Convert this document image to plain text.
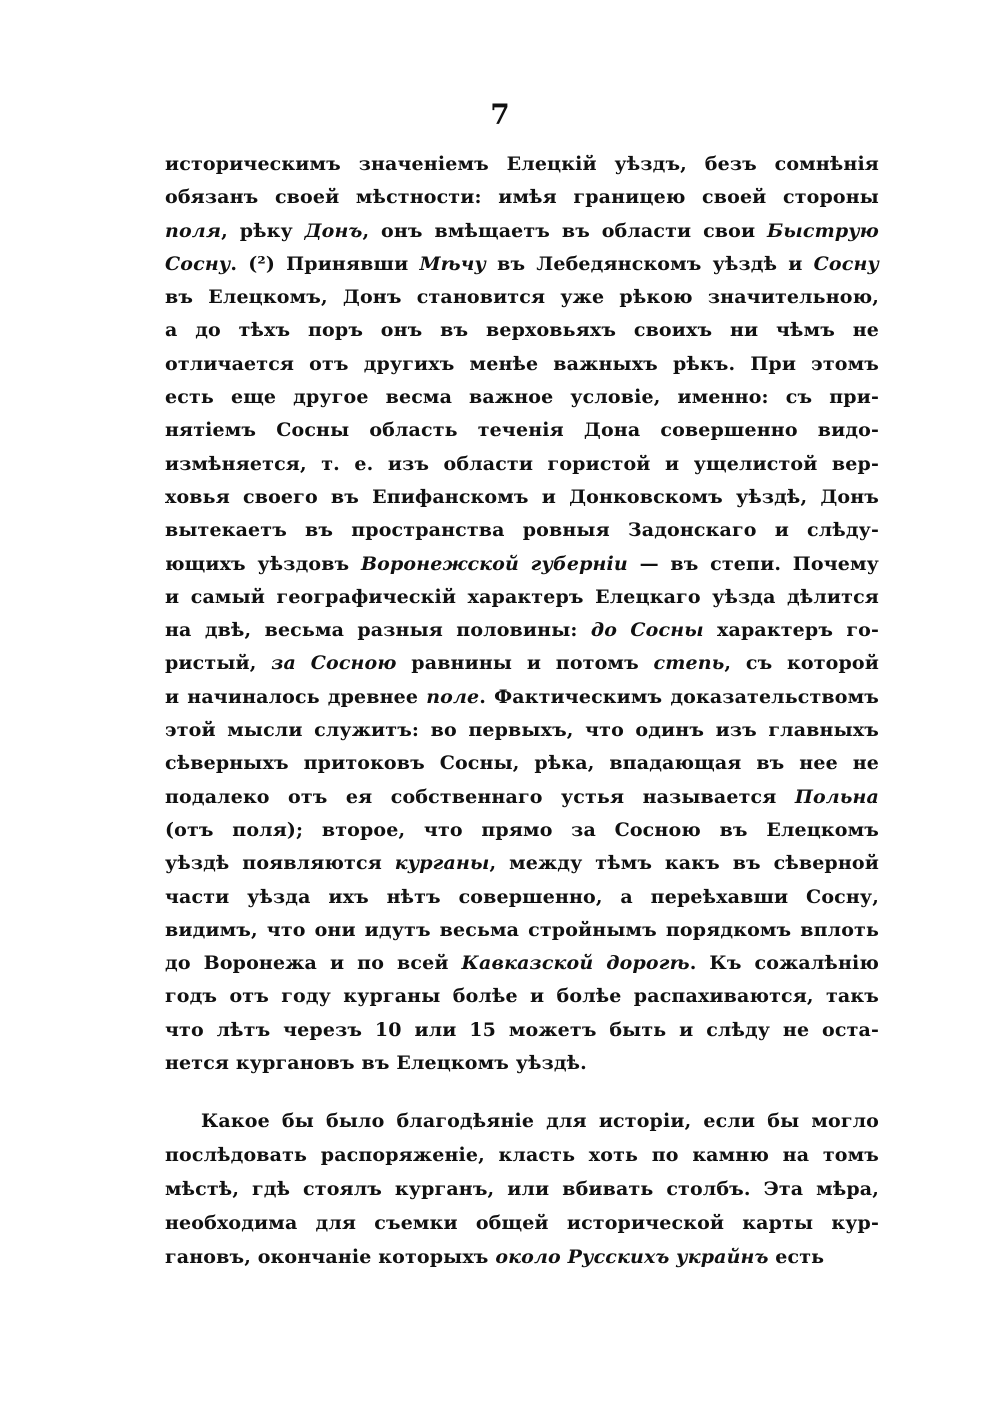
7
историческимъ значенiемъ Елецкiй уѣздъ, безъ сомнѣнiя
обязанъ своей мѣстности: имѣя границею своей стороны
поля, рѣку Донъ, онъ вмѣщаетъ въ области свои Быструю
Сосну. (²) Принявши Мѣчу въ Лебедянскомъ уѣздѣ и Сосну
въ Елецкомъ, Донъ становится уже рѣкою значительною,
а до тѣхъ поръ онъ въ верховьяхъ своихъ ни чѣмъ не
отличается отъ другихъ менѣе важныхъ рѣкъ. При этомъ
есть еще другое весма важное условiе, именно: съ при-
нятiемъ Сосны область теченiя Дона совершенно видо-
измѣняется, т. е. изъ области гористой и ущелистой вер-
ховья своего въ Епифанскомъ и Донковскомъ уѣздѣ, Донъ
вытекаетъ въ пространства ровныя Задонскаго и слѣду-
ющихъ уѣздовъ Воронежской губернiи — въ степи. Почему
и самый географическiй характеръ Елецкаго уѣзда дѣлится
на двѣ, весьма разныя половины: до Сосны характеръ го-
ристый, за Сосною равнины и потомъ степь, съ которой
и начиналось древнее поле. Фактическимъ доказательствомъ
этой мысли служитъ: во первыхъ, что одинъ изъ главныхъ
сѣверныхъ притоковъ Сосны, рѣка, впадающая въ нее не
подалеко отъ ея собственнаго устья называется Польна
(отъ поля); второе, что прямо за Сосною въ Елецкомъ
уѣздѣ появляются курганы, между тѣмъ какъ въ сѣверной
части уѣзда ихъ нѣтъ совершенно, а переѣхавши Сосну,
видимъ, что они идутъ весьма стройнымъ порядкомъ вплоть
до Воронежа и по всей Кавказской дорогѣ. Къ сожалѣнiю
годъ отъ году курганы болѣе и болѣе распахиваются, такъ
что лѣтъ черезъ 10 или 15 можетъ быть и слѣду не оста-
нется кургановъ въ Елецкомъ уѣздѣ.
Какое бы было благодѣянiе для исторiи, если бы могло
послѣдовать распоряженiе, класть хоть по камню на томъ
мѣстѣ, гдѣ стоялъ курганъ, или вбивать столбъ. Эта мѣра,
необходима для съемки общей исторической карты кур-
гановъ, окончанiе которыхъ около Русскихъ украйнъ есть
